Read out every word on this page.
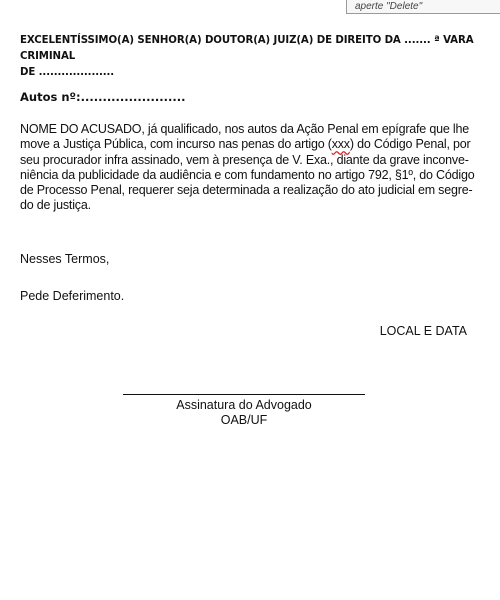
aperte "Delete"
EXCELENTÍSSIMO(A) SENHOR(A) DOUTOR(A) JUIZ(A) DE DIREITO DA ....... ª VARA CRIMINAL
DE ....................
Autos nº:........................
NOME DO ACUSADO, já qualificado, nos autos da Ação Penal em epígrafe que lhe
move a Justiça Pública, com incurso nas penas do artigo (xxx) do Código Penal, por
seu procurador infra assinado, vem à presença de V. Exa., diante da grave inconve-
niência da publicidade da audiência e com fundamento no artigo 792, §1º, do Código
de Processo Penal, requerer seja determinada a realização do ato judicial em segre-
do de justiça.
Nesses Termos,
Pede Deferimento.
LOCAL E DATA
Assinatura do Advogado
OAB/UF
